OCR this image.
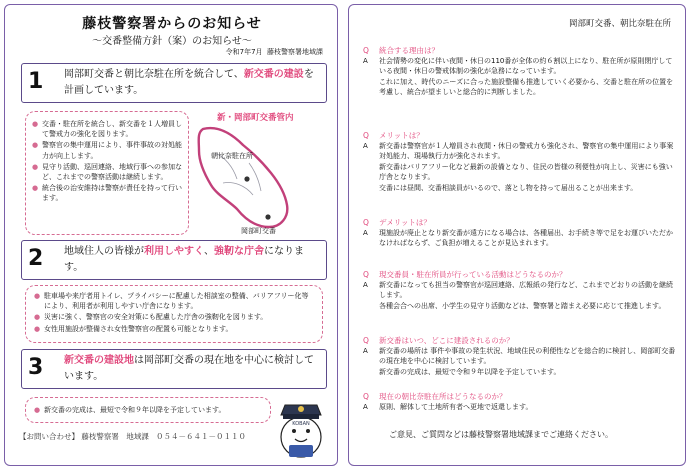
藤枝警察署からのお知らせ
～交番整備方針（案）のお知らせ～
令和7年7月 藤枝警察署地域課
1 岡部町交番と朝比奈駐在所を統合して、新交番の建設を計画しています。
● 交番・駐在所を統合し、新交番を１人増員して警戒力の強化を図ります。
● 警察官の集中運用により、事件事故の対処能力が向上します。
● 見守り活動、巡回連絡、地域行事への参加など、これまでの警察活動は継続します。
● 統合後の治安維持は警察が責任を持って行います。
新・岡部町交番管内
朝比奈駐在所
岡部町交番
2 地域住人の皆様が利用しやすく、強靭な庁舎になります。
● 駐車場や来庁者用トイレ、プライバシーに配慮した相談室の整備、バリアフリー化等により、利用者が利用しやすい庁舎になります。
● 災害に強く、警察官の安全対策にも配慮した庁舎の強靭化を図ります。
● 女性用施設が整備され女性警察官の配置も可能となります。
3 新交番の建設地は岡部町交番の現在地を中心に検討しています。
● 新交番の完成は、最短で令和９年以降を予定しています。
KOBAN
【お問い合わせ】 藤枝警察署　地域課 ０５４－６４１－０１１０
岡部町交番、朝比奈駐在所
Q 統合する理由は？
A 社会情勢の変化に伴い夜間・休日の110番が全体の約６割以上になり、駐在所が原則閉庁している夜間・休日の警戒体制の強化が急務になっています。
これに加え、時代のニーズに合った施設整備も推進していく必要から、交番と駐在所の位置を考慮し、統合が望ましいと総合的に判断しました。
Q メリットは？
A 新交番は警察官が１人増員され夜間・休日の警戒力も強化され、警察官の集中運用により事案対処能力、現場執行力が強化されます。
新交番はバリアフリー化など最新の設備となり、住民の皆様の利便性が向上し、災害にも強い庁舎となります。
交番には昼間、交番相談員がいるので、落とし物を持って届出ることが出来ます。
Q デメリットは？
A 現施設が廃止となり新交番が遠方になる場合は、各種届出、お手続き等で足をお運びいただかなければならず、ご負担が増えることが見込まれます。
Q 現交番員・駐在所員が行っている活動はどうなるのか？
A 新交番になっても担当の警察官が巡回連絡、広報紙の発行など、これまでどおりの活動を継続します。
各種会合への出席、小学生の見守り活動などは、警察署と踏まえ必要に応じて推進します。
Q 新交番はいつ、どこに建設されるのか？
A 新交番の場所は 事件や事故の発生状況、地域住民の利便性などを総合的に検討し、岡部町交番の現在地を中心に検討しています。
新交番の完成は、最短で令和９年以降を予定しています。
Q 現在の朝比奈駐在所はどうなるのか？
A 原則、解体して土地所有者へ更地で返還します。
ご意見、ご質問などは藤枝警察署地域課までご連絡ください。
